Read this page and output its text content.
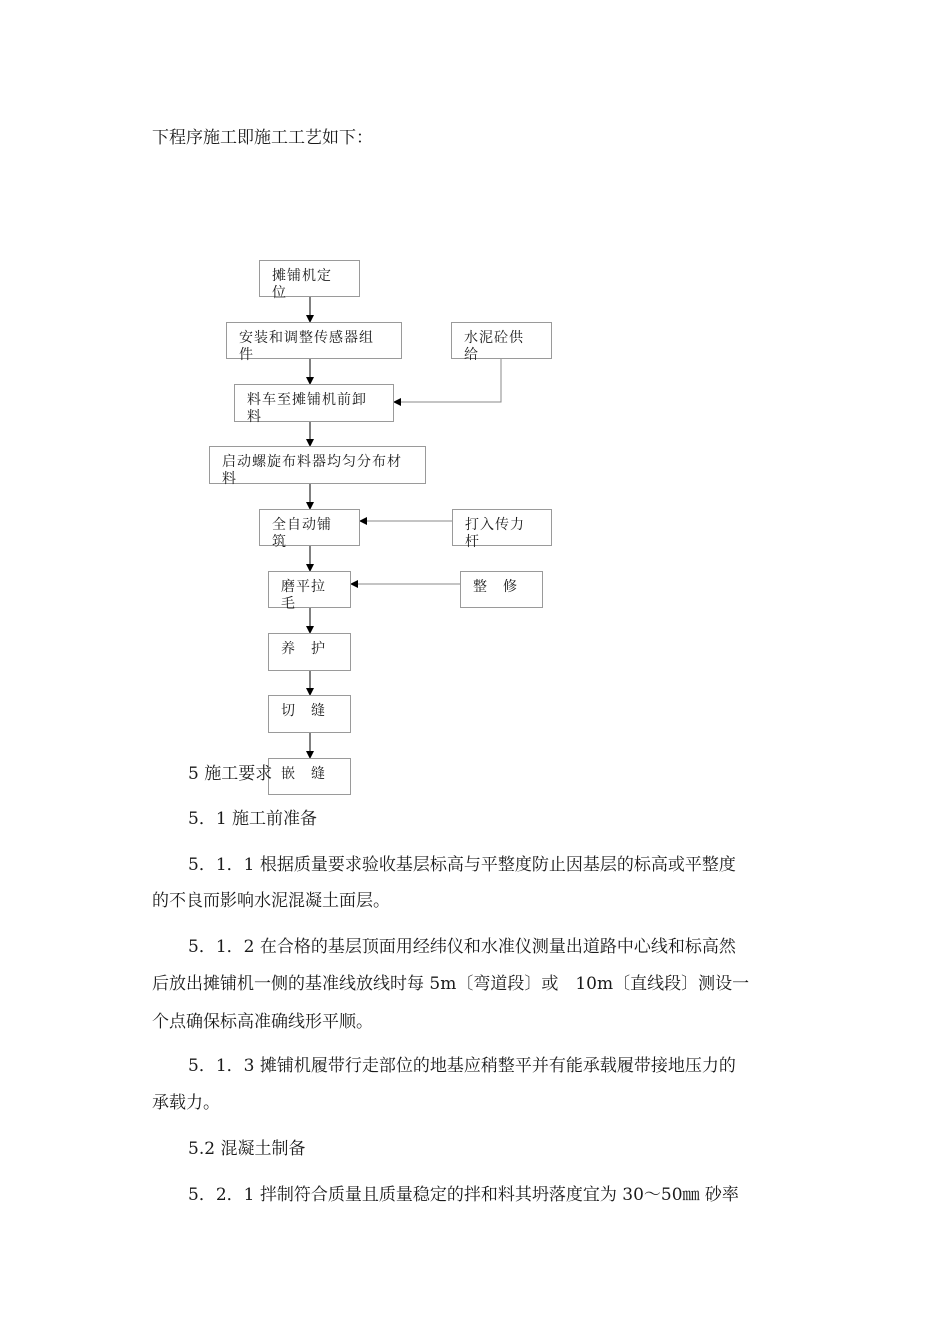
下程序施工即施工工艺如下：

摊铺机定
位
安装和调整传感器组
件
水泥砼供
给
料车至摊铺机前卸
料
启动螺旋布料器均匀分布材
料
全自动铺
筑
打入传力
杆
磨平拉
毛
整　修
养　护
切　缝
嵌　缝

5 施工要求

5．1 施工前准备

5．1．1 根据质量要求验收基层标高与平整度防止因基层的标高或平整度

的不良而影响水泥混凝土面层。

5．1．2 在合格的基层顶面用经纬仪和水准仪测量出道路中心线和标高然

后放出摊铺机一侧的基准线放线时每 5m〔弯道段〕或　10m〔直线段〕测设一

个点确保标高准确线形平顺。

5．1．3 摊铺机履带行走部位的地基应稍整平并有能承载履带接地压力的

承载力。

5.2 混凝土制备

5．2．1 拌制符合质量且质量稳定的拌和料其坍落度宜为 30～50㎜ 砂率
